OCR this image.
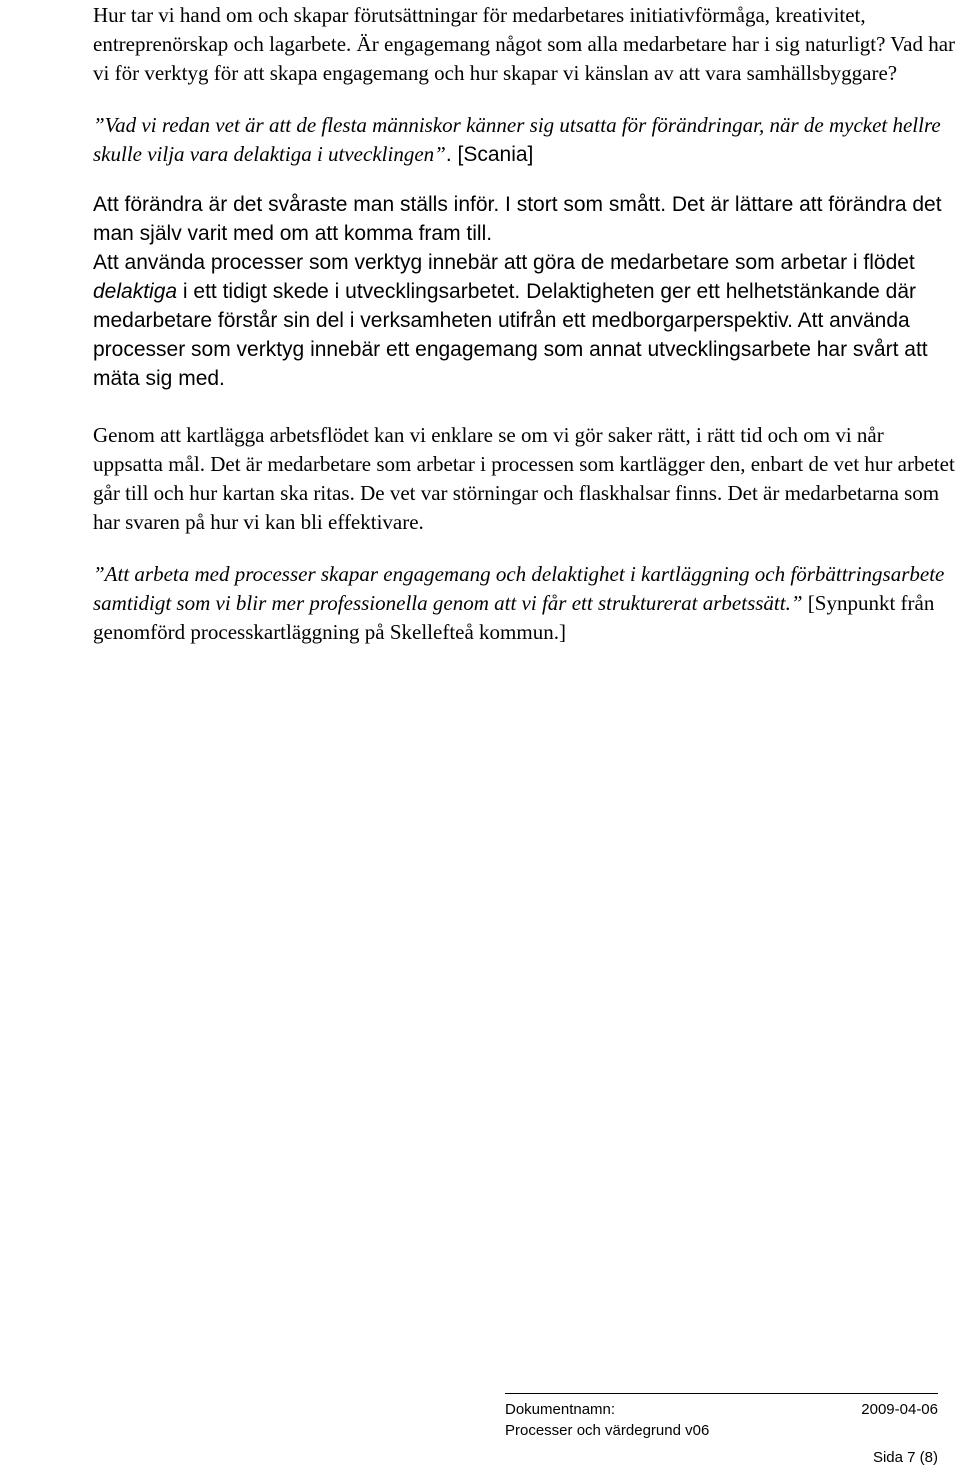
Hur tar vi hand om och skapar förutsättningar för medarbetares initiativförmåga, kreativitet, entreprenörskap och lagarbete. Är engagemang något som alla medarbetare har i sig naturligt? Vad har vi för verktyg för att skapa engagemang och hur skapar vi känslan av att vara samhällsbyggare?

”Vad vi redan vet är att de flesta människor känner sig utsatta för förändringar, när de mycket hellre skulle vilja vara delaktiga i utvecklingen”. [Scania]

Att förändra är det svåraste man ställs inför. I stort som smått. Det är lättare att förändra det man själv varit med om att komma fram till.

Att använda processer som verktyg innebär att göra de medarbetare som arbetar i flödet delaktiga i ett tidigt skede i utvecklingsarbetet. Delaktigheten ger ett helhetstänkande där medarbetare förstår sin del i verksamheten utifrån ett medborgarperspektiv. Att använda processer som verktyg innebär ett engagemang som annat utvecklingsarbete har svårt att mäta sig med.

Genom att kartlägga arbetsflödet kan vi enklare se om vi gör saker rätt, i rätt tid och om vi når uppsatta mål. Det är medarbetare som arbetar i processen som kartlägger den, enbart de vet hur arbetet går till och hur kartan ska ritas. De vet var störningar och flaskhalsar finns. Det är medarbetarna som har svaren på hur vi kan bli effektivare.

”Att arbeta med processer skapar engagemang och delaktighet i kartläggning och förbättringsarbete samtidigt som vi blir mer professionella genom att vi får ett strukturerat arbetssätt.” [Synpunkt från genomförd processkartläggning på Skellefteå kommun.]

Dokumentnamn:	2009-04-06
Processer och värdegrund v06
Sida 7 (8)
